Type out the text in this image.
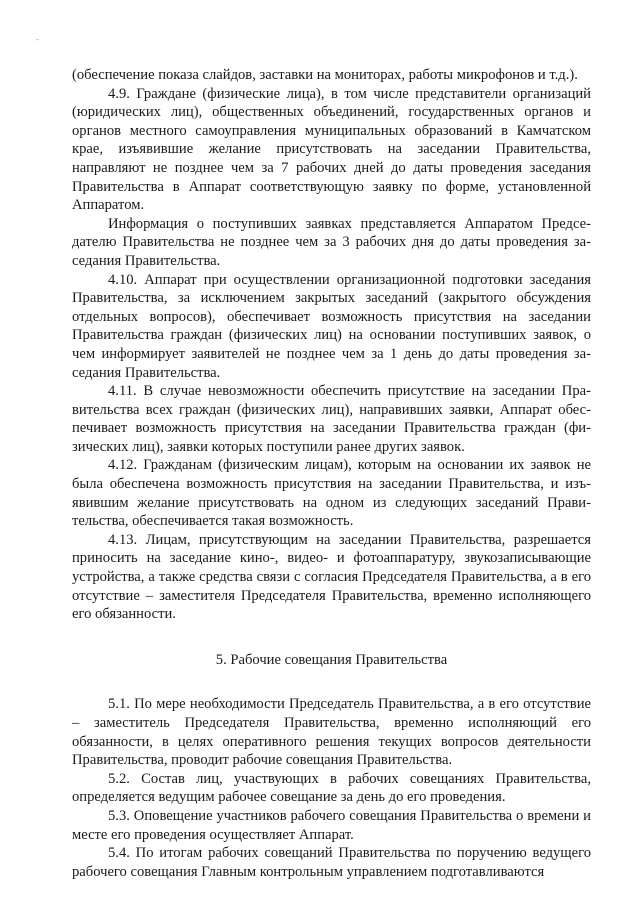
-

(обеспечение показа слайдов, заставки на мониторах, работы микрофонов и т.д.).

4.9. Граждане (физические лица), в том числе представители организаций (юридических лиц), общественных объединений, государственных органов и органов местного самоуправления муниципальных образований в Камчатском крае, изъявившие желание присутствовать на заседании Правительства, направляют не позднее чем за 7 рабочих дней до даты проведения заседания Правительства в Аппарат соответствующую заявку по форме, установленной Аппаратом.

Информация о поступивших заявках представляется Аппаратом Председателю Правительства не позднее чем за 3 рабочих дня до даты проведения заседания Правительства.

4.10. Аппарат при осуществлении организационной подготовки заседания Правительства, за исключением закрытых заседаний (закрытого обсуждения отдельных вопросов), обеспечивает возможность присутствия на заседании Правительства граждан (физических лиц) на основании поступивших заявок, о чем информирует заявителей не позднее чем за 1 день до даты проведения заседания Правительства.

4.11. В случае невозможности обеспечить присутствие на заседании Правительства всех граждан (физических лиц), направивших заявки, Аппарат обеспечивает возможность присутствия на заседании Правительства граждан (физических лиц), заявки которых поступили ранее других заявок.

4.12. Гражданам (физическим лицам), которым на основании их заявок не была обеспечена возможность присутствия на заседании Правительства, и изъявившим желание присутствовать на одном из следующих заседаний Правительства, обеспечивается такая возможность.

4.13. Лицам, присутствующим на заседании Правительства, разрешается приносить на заседание кино-, видео- и фотоаппаратуру, звукозаписывающие устройства, а также средства связи с согласия Председателя Правительства, а в его отсутствие – заместителя Председателя Правительства, временно исполняющего его обязанности.

5. Рабочие совещания Правительства

5.1. По мере необходимости Председатель Правительства, а в его отсутствие – заместитель Председателя Правительства, временно исполняющий его обязанности, в целях оперативного решения текущих вопросов деятельности Правительства, проводит рабочие совещания Правительства.

5.2. Состав лиц, участвующих в рабочих совещаниях Правительства, определяется ведущим рабочее совещание за день до его проведения.

5.3. Оповещение участников рабочего совещания Правительства о времени и месте его проведения осуществляет Аппарат.

5.4. По итогам рабочих совещаний Правительства по поручению ведущего рабочего совещания Главным контрольным управлением подготавливаются
